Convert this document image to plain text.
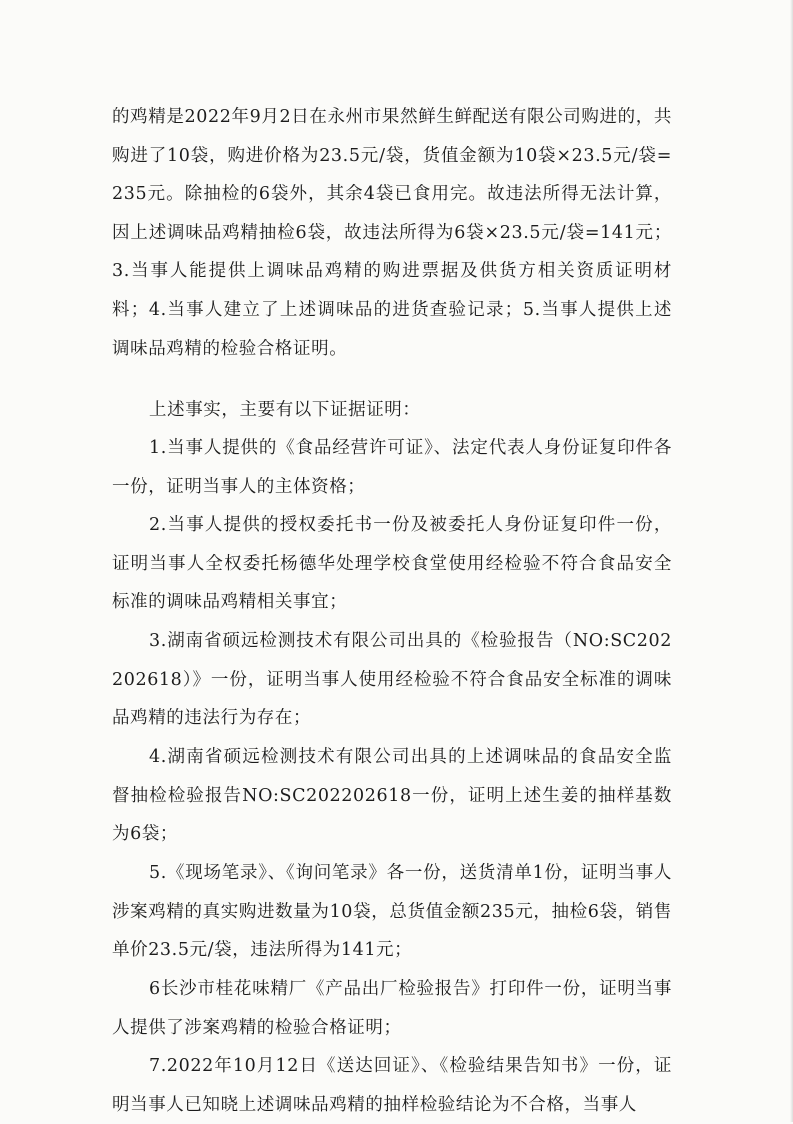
的鸡精是2022年9月2日在永州市果然鲜生鲜配送有限公司购进的，共购进了10袋，购进价格为23.5元/袋，货值金额为10袋×23.5元/袋=235元。除抽检的6袋外，其余4袋已食用完。故违法所得无法计算，因上述调味品鸡精抽检6袋，故违法所得为6袋×23.5元/袋=141元；3.当事人能提供上调味品鸡精的购进票据及供货方相关资质证明材料；4.当事人建立了上述调味品的进货查验记录；5.当事人提供上述调味品鸡精的检验合格证明。

上述事实，主要有以下证据证明：

1.当事人提供的《食品经营许可证》、法定代表人身份证复印件各一份，证明当事人的主体资格；

2.当事人提供的授权委托书一份及被委托人身份证复印件一份，证明当事人全权委托杨德华处理学校食堂使用经检验不符合食品安全标准的调味品鸡精相关事宜；

3.湖南省硕远检测技术有限公司出具的《检验报告（NO:SC202202618）》一份，证明当事人使用经检验不符合食品安全标准的调味品鸡精的违法行为存在；

4.湖南省硕远检测技术有限公司出具的上述调味品的食品安全监督抽检检验报告NO:SC202202618一份，证明上述生姜的抽样基数为6袋；

5.《现场笔录》、《询问笔录》各一份，送货清单1份，证明当事人涉案鸡精的真实购进数量为10袋，总货值金额235元，抽检6袋，销售单价23.5元/袋，违法所得为141元；

6长沙市桂花味精厂《产品出厂检验报告》打印件一份，证明当事人提供了涉案鸡精的检验合格证明；

7.2022年10月12日《送达回证》、《检验结果告知书》一份，证明当事人已知晓上述调味品鸡精的抽样检验结论为不合格，当事人
